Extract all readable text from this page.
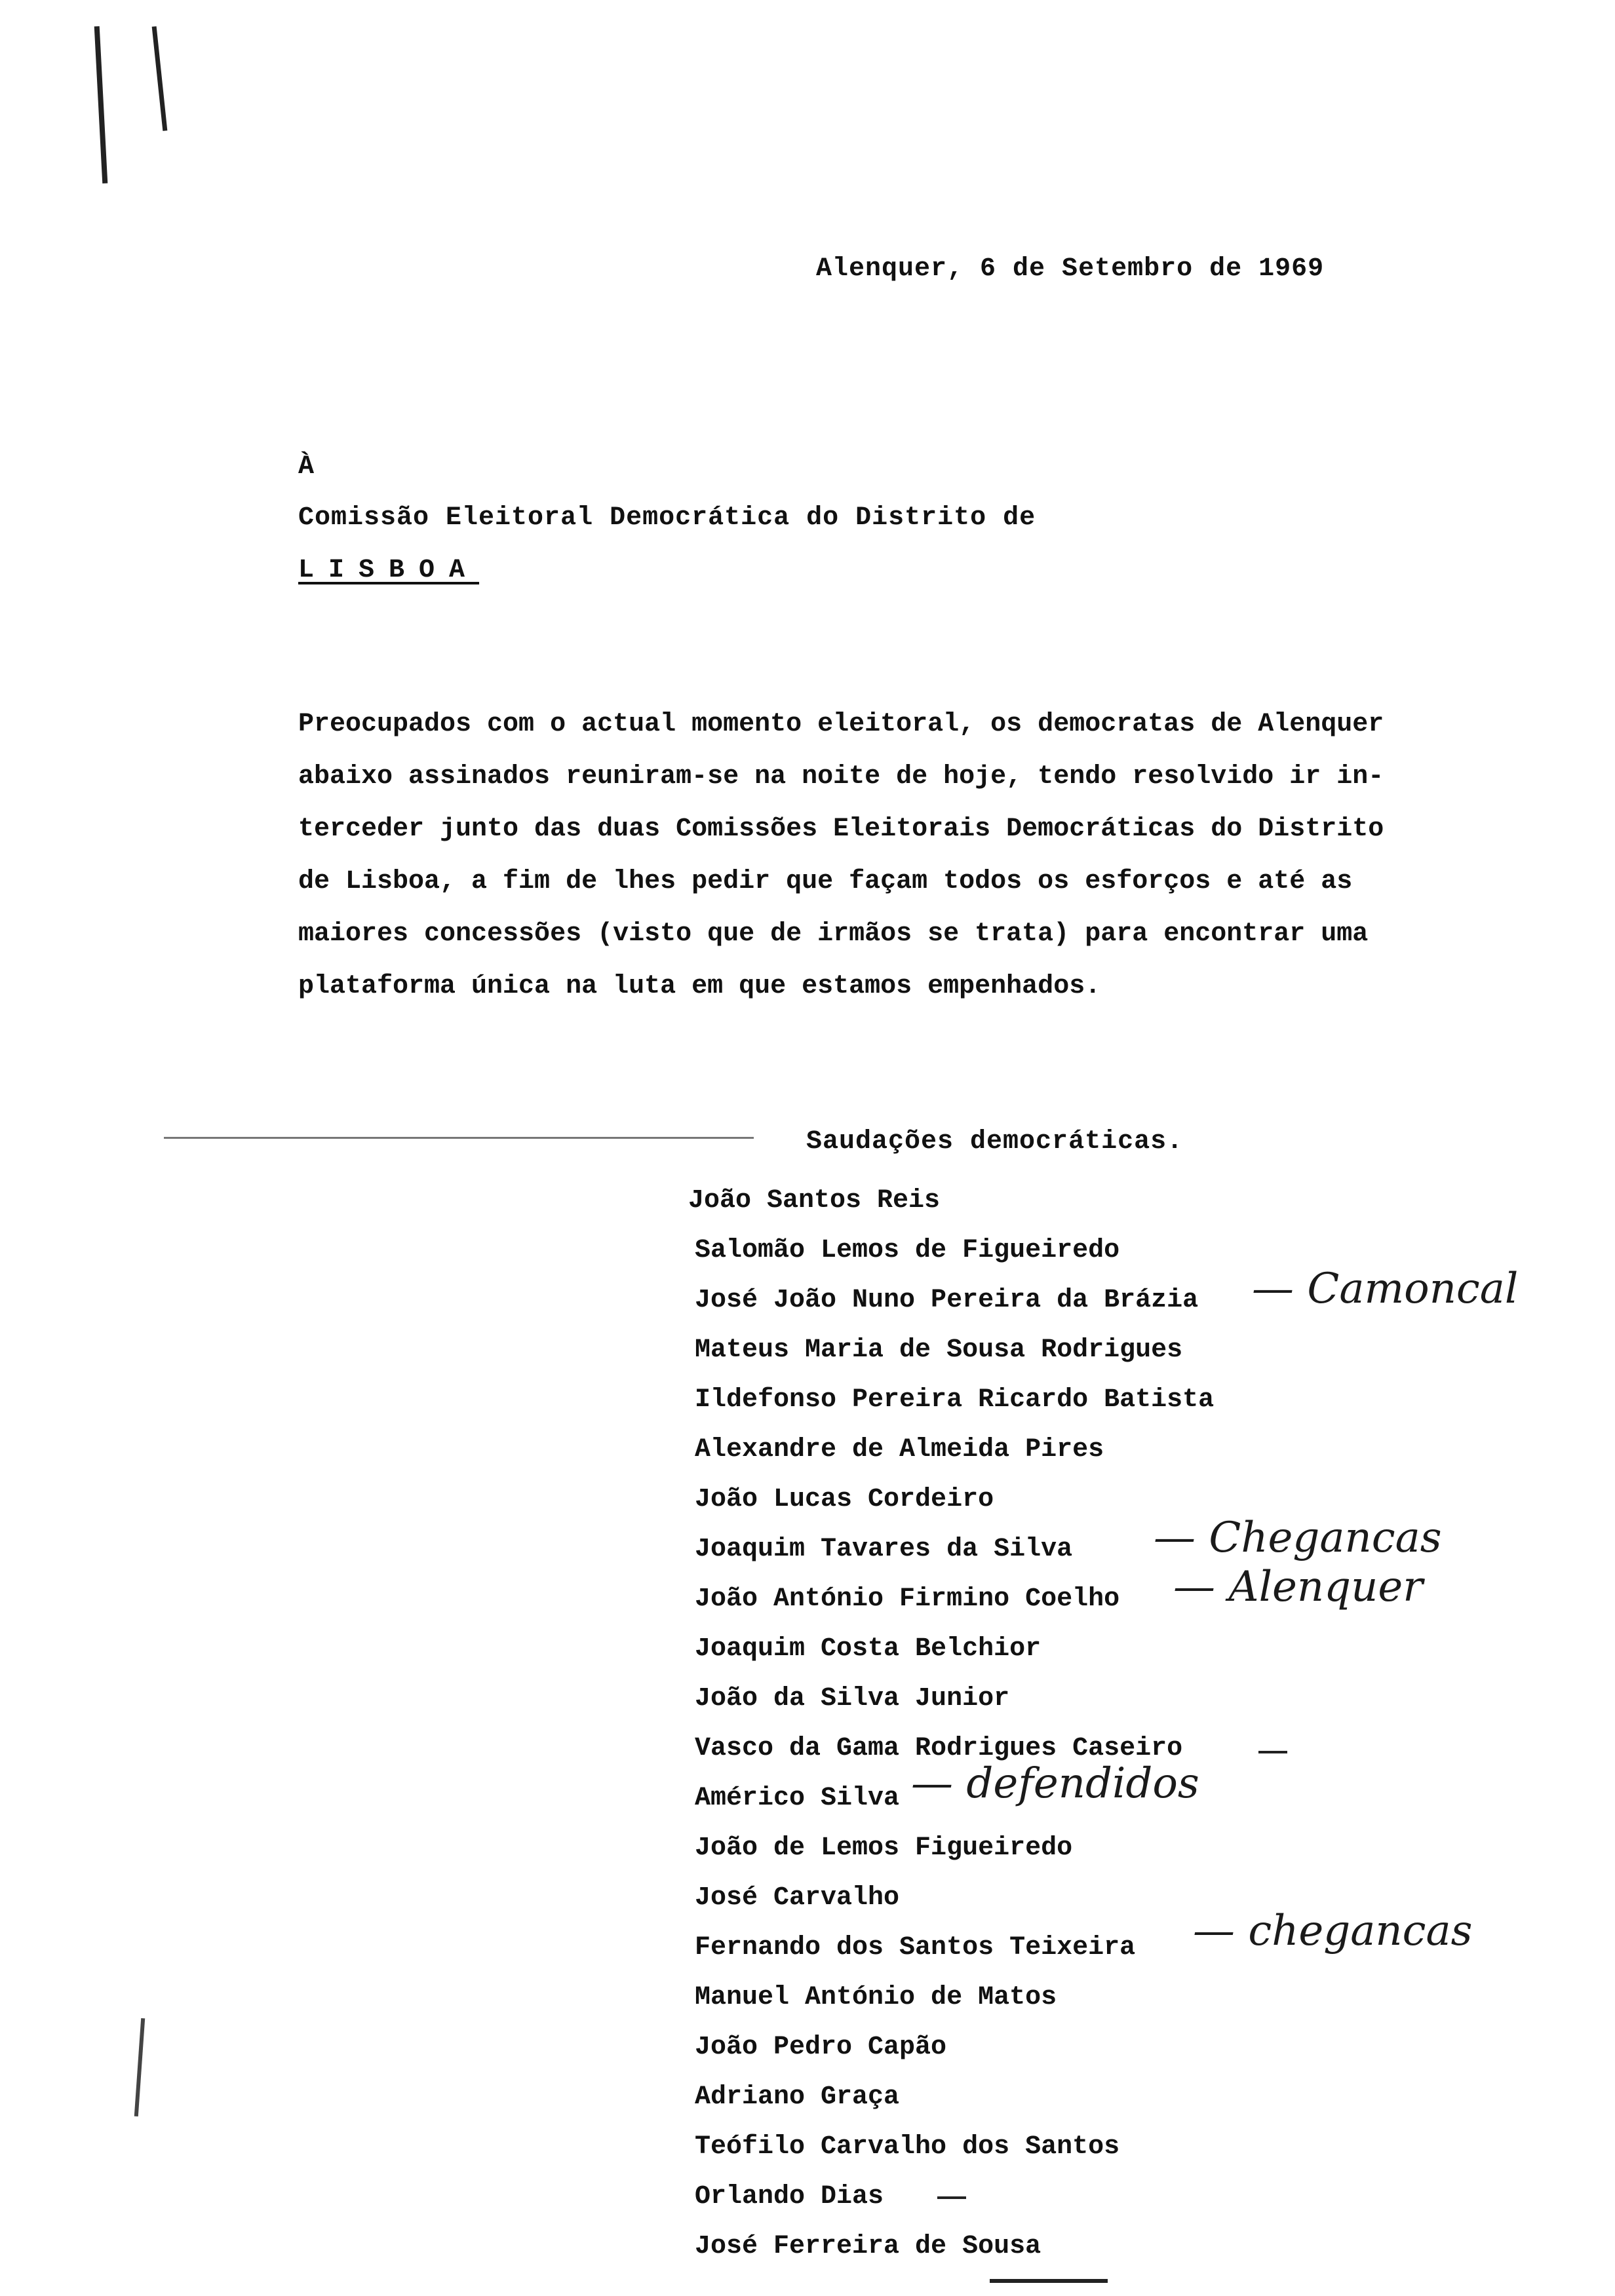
Alenquer, 6 de Setembro de 1969
À
Comissão Eleitoral Democrática do Distrito de
LISBOA
Preocupados com o actual momento eleitoral, os democratas de Alenquer
abaixo assinados reuniram-se na noite de hoje, tendo resolvido ir in-
terceder junto das duas Comissões Eleitorais Democráticas do Distrito
de Lisboa, a fim de lhes pedir que façam todos os esforços e até as
maiores concessões (visto que de irmãos se trata) para encontrar uma
plataforma única na luta em que estamos empenhados.
Saudações democráticas.
João Santos Reis
Salomão Lemos de Figueiredo
José João Nuno Pereira da Brázia
Mateus Maria de Sousa Rodrigues
Ildefonso Pereira Ricardo Batista
Alexandre de Almeida Pires
João Lucas Cordeiro
Joaquim Tavares da Silva
João António Firmino Coelho
Joaquim Costa Belchior
João da Silva Junior
Vasco da Gama Rodrigues Caseiro
Américo Silva
João de Lemos Figueiredo
José Carvalho
Fernando dos Santos Teixeira
Manuel António de Matos
João Pedro Capão
Adriano Graça
Teófilo Carvalho dos Santos
Orlando Dias
José Ferreira de Sousa
— Camoncal
— Chegancas
— Alenquer
— defendidos
— chegancas
